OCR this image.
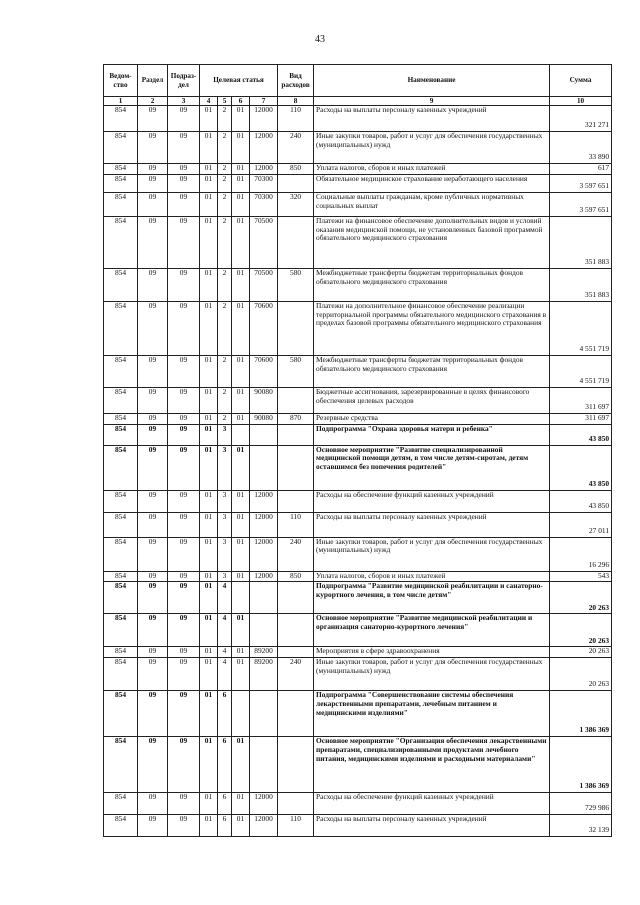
43
Ведом-ство	Раздел	Подраз-дел	Целевая статья				Вид расходов	Наименование	Сумма
1	2	3	4	5	6	7	8	9	10
854	09	09	01	2	01	12000	110	Расходы на выплаты персоналу казенных учреждений	321 271
854	09	09	01	2	01	12000	240	Иные закупки товаров, работ и услуг для обеспечения государственных (муниципальных) нужд	33 890
854	09	09	01	2	01	12000	850	Уплата налогов, сборов и иных платежей	617
854	09	09	01	2	01	70300		Обязательное медицинское страхование неработающего населения	3 597 651
854	09	09	01	2	01	70300	320	Социальные выплаты гражданам, кроме публичных нормативных социальных выплат	3 597 651
854	09	09	01	2	01	70500		Платежи на финансовое обеспечение дополнительных видов и условий оказания медицинской помощи, не установленных базовой программой обязательного медицинского страхования	351 883
854	09	09	01	2	01	70500	580	Межбюджетные трансферты бюджетам территориальных фондов обязательного медицинского страхования	351 883
854	09	09	01	2	01	70600		Платежи на дополнительное финансовое обеспечение реализации территориальной программы обязательного медицинского страхования в пределах базовой программы обязательного медицинского страхования	4 551 719
854	09	09	01	2	01	70600	580	Межбюджетные трансферты бюджетам территориальных фондов обязательного медицинского страхования	4 551 719
854	09	09	01	2	01	90080		Бюджетные ассигнования, зарезервированные в целях финансового обеспечения целевых расходов	311 697
854	09	09	01	2	01	90080	870	Резервные средства	311 697
854	09	09	01	3				Подпрограмма "Охрана здоровья матери и ребенка"	43 850
854	09	09	01	3	01			Основное мероприятие "Развитие специализированной медицинской помощи детям, в том числе детям-сиротам, детям оставшимся без попечения родителей"	43 850
854	09	09	01	3	01	12000		Расходы на обеспечение функций казенных учреждений	43 850
854	09	09	01	3	01	12000	110	Расходы на выплаты персоналу казенных учреждений	27 011
854	09	09	01	3	01	12000	240	Иные закупки товаров, работ и услуг для обеспечения государственных (муниципальных) нужд	16 296
854	09	09	01	3	01	12000	850	Уплата налогов, сборов и иных платежей	543
854	09	09	01	4				Подпрограмма "Развитие медицинской реабилитации и санаторно-курортного лечения, в том числе детям"	20 263
854	09	09	01	4	01			Основное мероприятие "Развитие медицинской реабилитации и организация санаторно-курортного лечения"	20 263
854	09	09	01	4	01	89200		Мероприятия в сфере здравоохранения	20 263
854	09	09	01	4	01	89200	240	Иные закупки товаров, работ и услуг для обеспечения государственных (муниципальных) нужд	20 263
854	09	09	01	6				Подпрограмма "Совершенствование системы обеспечения лекарственными препаратами, лечебным питанием и медицинскими изделиями"	1 386 369
854	09	09	01	6	01			Основное мероприятие "Организация обеспечения лекарственными препаратами, специализированными продуктами лечебного питания, медицинскими изделиями и расходными материалами"	1 386 369
854	09	09	01	6	01	12000		Расходы на обеспечение функций казенных учреждений	729 986
854	09	09	01	6	01	12000	110	Расходы на выплаты персоналу казенных учреждений	32 139
